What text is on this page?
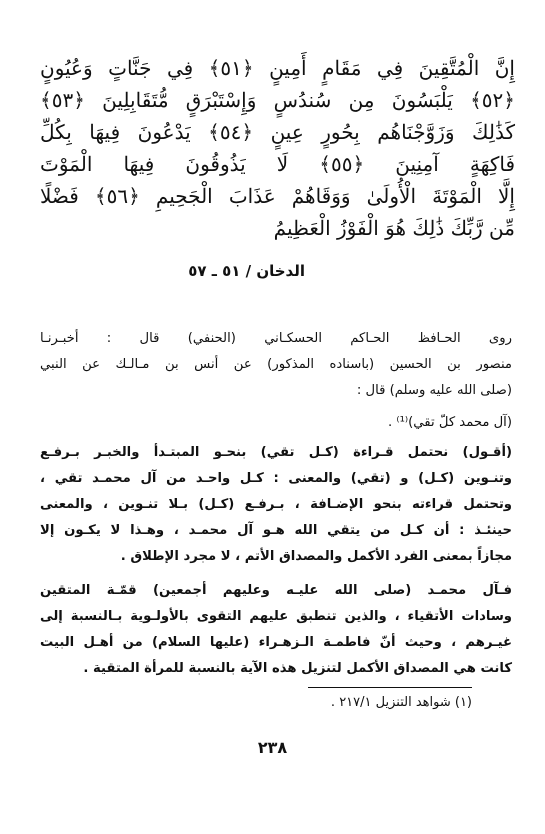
إِنَّ الْمُتَّقِينَ فِي مَقَامٍ أَمِينٍ ﴿٥١﴾ فِي جَنَّاتٍ وَعُيُونٍ
﴿٥٢﴾ يَلْبَسُونَ مِن سُندُسٍ وَإِسْتَبْرَقٍ مُّتَقَابِلِينَ ﴿٥٣﴾
كَذَٰلِكَ وَزَوَّجْنَاهُم بِحُورٍ عِينٍ ﴿٥٤﴾ يَدْعُونَ فِيهَا بِكُلِّ
فَاكِهَةٍ آمِنِينَ ﴿٥٥﴾ لَا يَذُوقُونَ فِيهَا الْمَوْتَ
إِلَّا الْمَوْتَةَ الْأُولَىٰ وَوَقَاهُمْ عَذَابَ الْجَحِيمِ ﴿٥٦﴾ فَضْلًا
مِّن رَّبِّكَ ذَٰلِكَ هُوَ الْفَوْزُ الْعَظِيمُ
الدخان / ٥١ ـ ٥٧
روى الحـافظ الحـاكم الحسكـاني (الحنفي) قال : أخبـرنـا
منصور بن الحسين (باسناده المذكور) عن أنس بن مـالـك عن النبي
(صلى الله عليه وسلم) قال :
(آل محمد كلّ تقي)⁽¹⁾ .
(أقـول) نحتمل قـراءة (كـل تقي) بنحـو المبتـدأ والخبـر بـرفـع
وتنـوين (كـل) و (تقي) والمعنى : كـل واحـد من آل محمـد تقي ،
وتحتمل قراءته بنحو الإضـافة ، بـرفـع (كـل) بـلا تنـوين ، والمعنى
حينئـذ : أن كـل من يتقي الله هـو آل محمـد ، وهـذا لا يكـون إلا
مجازاً بمعنى الفرد الأكمل والمصداق الأتم ، لا مجرد الإطلاق .
فـآل محمـد (صلى الله عليـه وعليهم أجمعين) قمّـة المتقين
وسادات الأتقياء ، والذين تنطبق عليهم التقوى بالأولـوية بـالنسبة إلى
غيـرهم ، وحيث أنّ فاطمـة الـزهـراء (عليها السلام) من أهـل البيت
كانت هي المصداق الأكمل لتنزيل هذه الآية بالنسبة للمرأة المتقية .
(١) شواهد التنزيل ٢١٧/١ .
٢٣٨
